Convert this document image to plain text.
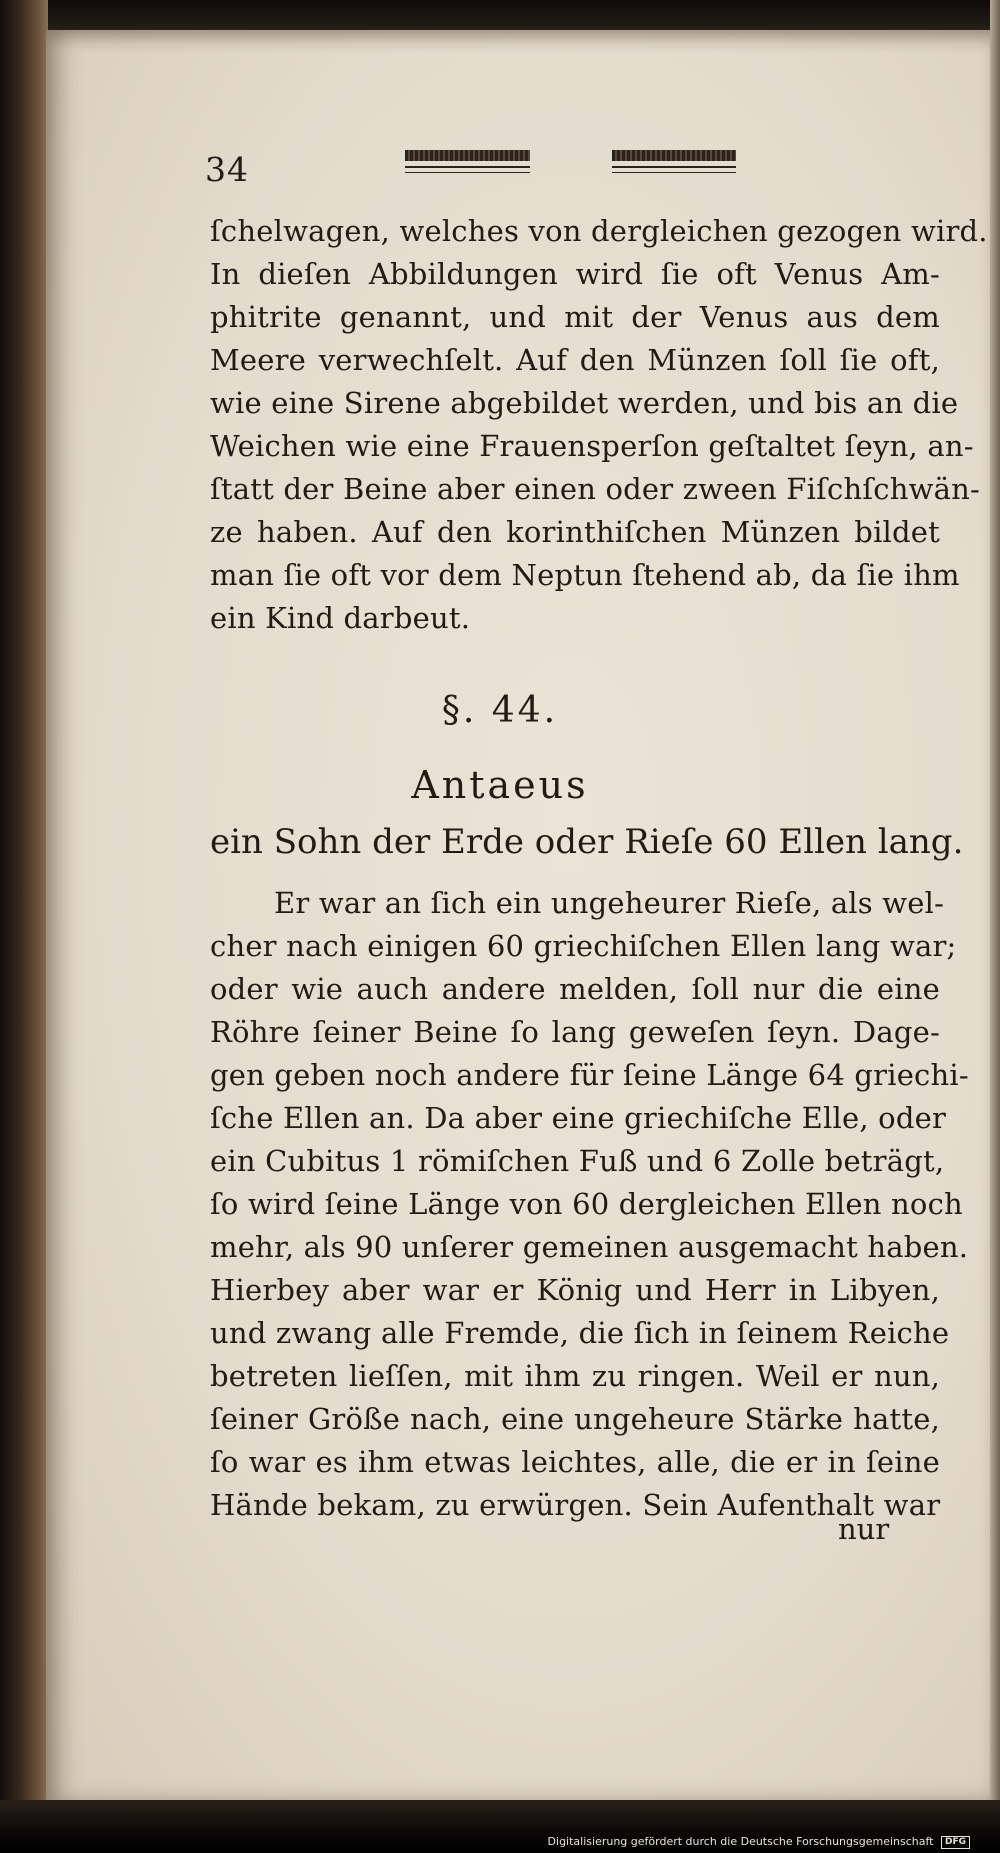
34
ſchelwagen, welches von dergleichen gezogen wird.
In dieſen Abbildungen wird ſie oft Venus Am-
phitrite genannt, und mit der Venus aus dem
Meere verwechſelt. Auf den Münzen ſoll ſie oft,
wie eine Sirene abgebildet werden, und bis an die
Weichen wie eine Frauensperſon geſtaltet ſeyn, an-
ſtatt der Beine aber einen oder zween Fiſchſchwän-
ze haben. Auf den korinthiſchen Münzen bildet
man ſie oft vor dem Neptun ſtehend ab, da ſie ihm
ein Kind darbeut.
§. 44.
Antaeus
ein Sohn der Erde oder Rieſe 60 Ellen lang.
Er war an ſich ein ungeheurer Rieſe, als wel-
cher nach einigen 60 griechiſchen Ellen lang war;
oder wie auch andere melden, ſoll nur die eine
Röhre ſeiner Beine ſo lang geweſen ſeyn. Dage-
gen geben noch andere für ſeine Länge 64 griechi-
ſche Ellen an. Da aber eine griechiſche Elle, oder
ein Cubitus 1 römiſchen Fuß und 6 Zolle beträgt,
ſo wird ſeine Länge von 60 dergleichen Ellen noch
mehr, als 90 unſerer gemeinen ausgemacht haben.
Hierbey aber war er König und Herr in Libyen,
und zwang alle Fremde, die ſich in ſeinem Reiche
betreten lieſſen, mit ihm zu ringen. Weil er nun,
ſeiner Größe nach, eine ungeheure Stärke hatte,
ſo war es ihm etwas leichtes, alle, die er in ſeine
Hände bekam, zu erwürgen. Sein Aufenthalt war
nur
Digitalisierung gefördert durch die Deutsche Forschungsgemeinschaft DFG
